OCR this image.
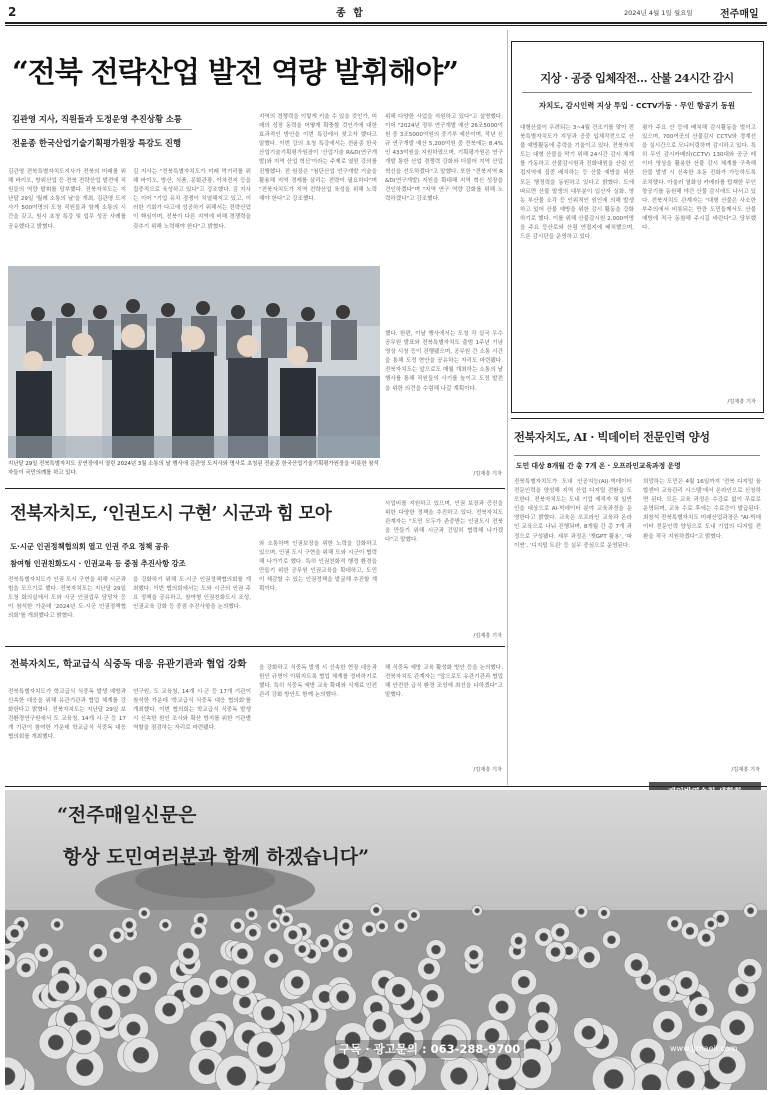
2	종 합	2024년 4월 1일 월요일	전주매일
“전북 전략산업 발전 역량 발휘해야”
김관영 지사, 직원들과 도정운영 추진상황 소통
전윤종 한국산업기술기획평가원장 특강도 진행
김관영 전북특별자치도지사가 전북의 미래를 위해 바이오, 방위산업 등 전북 전략산업 발전에 직원들의 역량 발휘를 당부했다. 전북자치도는 지난달 29일 '월례 소통의 날'을 개최, 김관영 도지사가 500여명의 도청 직원들과 함께 소통의 시간을 갖고, 원시 초청 특강 및 업무 성공 사례를 공유했다고 밝혔다.
김 지사는 "전북특별자치도가 미래 먹거리를 위해 바이오, 방산, 식품, 문화관광, 이차전지 등을 집중적으로 육성하고 있다"고 강조했다. 김 지사는 이어 "기업 유치 경쟁이 치열해지고 있고, 이러한 기회가 다고에 성공하기 위해서는 전략산업이 핵심이며, 전북이 다른 지역에 비해 경쟁력을 갖추기 위해 노력해야 한다"고 밝혔다.
지역의 경쟁력을 이렇게 키울 수 있을 것인가, 미래의 성장 동력을 어떻게 확충할 것인가에 대한 효과적인 방안을 이번 특강에서 찾고자 했다고 말했다. 이번 강의 초청 특강에서는 전윤종 한국산업기술기획평가원장이 '산업기술 R&D(연구개발)와 지역 산업 혁신'이라는 주제로 열띤 강의를 진행했다. 전 원장은 "첨단산업 연구개발 기술을 활용해 지역 경제를 살리는 전략이 필요하다"며 "전북자치도가 지역 전략산업 육성을 위해 노력해야 한다"고 강조했다.
위해 다양한 사업을 지원하고 있다"고 설명했다. 이어 "2024년 정부 연구개발 예산 26조5000억원 중 3조5000억원의 중기부 예산이며, 작년 신규 연구개발 예산 5,200억원 중 전북에는 8.4%인 433억원을 지원하였으며, 기획평가원은 연구개발 통한 산업 경쟁력 강화와 더불어 지역 산업 혁신을 선도하겠다"고 말했다. 또한 "전북지역 R&D(연구개발) 지원을 확대해 지역 혁신 성장을 견인하겠다"며 "지역 연구 역량 강화를 위해 노력하겠다"고 강조했다.
했다. 한편, 이날 행사에서는 도청 각 실국 우수 공무원 발표와 전북특별자치도 출범 1주년 기념 영상 시청 등이 진행됐으며, 공무원 간 소통 시간을 통해 도정 현안을 공유하는 자리도 마련됐다. 전북자치도는 앞으로도 매월 개최하는 소통의 날 행사를 통해 직원들의 사기를 높이고 도정 발전을 위한 의견을 수렴해 나갈 계획이다.
/김재흥 기자
지난달 29일 전북특별자치도 공연장에서 열린 2024년 3월 소통의 날 행사에 김관영 도지사와 명사로 초청된 전윤종 한국산업기술기획평가원장을 비롯한 참석자들이 국민의례를 하고 있다.
지상 · 공중 입체작전… 산불 24시간 감시
자치도, 감시인력 지상 투입 · CCTV가동 · 무인 항공기 동원
대형산불이 우려되는 3~4월 건조기를 맞아 전북특별자치도가 지상과 공중 입체작전으로 산불 예방활동에 총력을 기울이고 있다. 전북자치도는 대형 산불을 막기 위해 24시간 감시 체계를 가동하고 산불감시원과 진화대원을 산림 인접지역에 집중 배치하는 등 산불 예방을 위한 모든 행정력을 동원하고 있다고 밝혔다. 도에 따르면 산불 발생의 대부분이 입산자 실화, 영농 부산물 소각 등 인위적인 원인에 의해 발생하고 있어 산불 예방을 위한 감시 활동을 강화하기로 했다. 이를 위해 산불감시원 2,000여명을 주요 등산로와 산림 연접지에 배치했으며, 드론 감시단을 운영하고 있다.
평가 주요 산 등에 배치해 감시활동을 벌이고 있으며, 700여곳의 산불감시 CCTV와 경계선을 실시간으로 모니터링하며 감시하고 있다. 특히 무인 감시카메라(CCTV) 130대와 공군 레이더 영상을 활용한 산불 감시 체계를 구축해 산불 발생 시 신속한 초동 진화가 가능하도록 조치했다. 아울러 열화상 카메라를 탑재한 무인 항공기를 동원해 야간 산불 감시에도 나서고 있다. 전북자치도 관계자는 "대형 산불은 사소한 부주의에서 비롯되는 만큼 도민들께서도 산불 예방에 적극 동참해 주시길 바란다"고 당부했다.
/김재흥 기자
전북자치도, ‘인권도시 구현’ 시군과 힘 모아
도·시군 인권정책협의회 열고 인권 주요 정책 공유
참여형 인권친화도시 · 인권교육 등 중점 추진사항 강조
전북특별자치도가 인권 도시 구현을 위해 시군과 힘을 모으기로 했다. 전북자치도는 지난달 29일 도청 회의실에서 도와 시군 인권업무 담당자 등이 참석한 가운데 '2024년 도·시군 인권정책협의회'를 개최했다고 밝혔다.
을 강화하기 위해 도·시군 인권정책협의회를 개최했다. 이번 협의회에서는 도와 시군의 인권 주요 정책을 공유하고, 참여형 인권친화도시 조성, 인권교육 강화 등 중점 추진사항을 논의했다.
와 소통하며 인권보장을 위한 노력을 강화하고 있으며, 인권 도시 구현을 위해 도와 시군이 협력해 나가기로 했다. 특히 인권친화적 행정 환경을 만들기 위한 공무원 인권교육을 확대하고, 도민이 체감할 수 있는 인권정책을 발굴해 추진할 계획이다.
사업비를 지원하고 있으며, 인권 보장과 증진을 위한 다양한 정책을 추진하고 있다. 전북자치도 관계자는 "도민 모두가 존중받는 인권도시 전북을 만들기 위해 시군과 긴밀히 협력해 나가겠다"고 말했다.
/김재흥 기자
전북자치도, 학교급식 식중독 대응 유관기관과 협업 강화
전북특별자치도가 학교급식 식중독 발생 예방과 신속한 대응을 위해 유관기관과 협업 체계를 강화한다고 밝혔다. 전북자치도는 지난달 29일 보건환경연구원에서 도 교육청, 14개 시·군 등 17개 기관이 참여한 가운데 학교급식 식중독 대응 협의회를 개최했다.
연구원, 도 교육청, 14개 시·군 등 17개 기관이 참석한 가운데 '학교급식 식중독 대응 협의회'를 개최했다. 이번 협의회는 학교급식 식중독 발생 시 신속한 원인 조사와 확산 방지를 위한 기관별 역할을 점검하는 자리로 마련됐다.
을 강화하고 식중독 발생 시 신속한 현장 대응과 원인 규명이 이뤄지도록 협업 체계를 정비하기로 했다. 특히 식중독 예방 교육 확대와 식재료 안전관리 강화 방안도 함께 논의했다.
해 식중독 예방 교육 활성화 방안 등을 논의했다. 전북자치도 관계자는 "앞으로도 유관기관과 협업해 안전한 급식 환경 조성에 최선을 다하겠다"고 말했다.
/김재흥 기자
전북자치도, AI · 빅데이터 전문인력 양성
도민 대상 8개월 간 총 7개 온 · 오프라인교육과정 운영
전북특별자치도가 도내 인공지능(AI)·빅데이터 전문인력을 양성해 지역 산업 디지털 전환을 도모한다. 전북자치도는 도내 기업 재직자 및 일반인을 대상으로 AI·빅데이터 분야 교육과정을 운영한다고 밝혔다. 교육은 오프라인 교육과 온라인 교육으로 나눠 진행되며, 8개월 간 총 7개 과정으로 구성됐다. 세부 과정은 '챗GPT 활용', '파이썬', '디지털 트윈' 등 실무 중심으로 운영된다.
희망하는 도민은 4월 16일까지 '전북 디지털 융합센터 교육관리 시스템'에서 온라인으로 신청하면 된다. 모든 교육 과정은 수강료 없이 무료로 운영되며, 교육 수료 후에는 수료증이 발급된다. 최창석 전북특별자치도 미래산업과장은 "AI·빅데이터 전문인력 양성으로 도내 기업의 디지털 전환을 적극 지원하겠다"고 밝혔다.
/김재흥 기자
“전주매일신문은
항상 도민여러분과 함께 하겠습니다”
구독 · 광고문의 : 063-288-9700	www.jjmaeil.com
